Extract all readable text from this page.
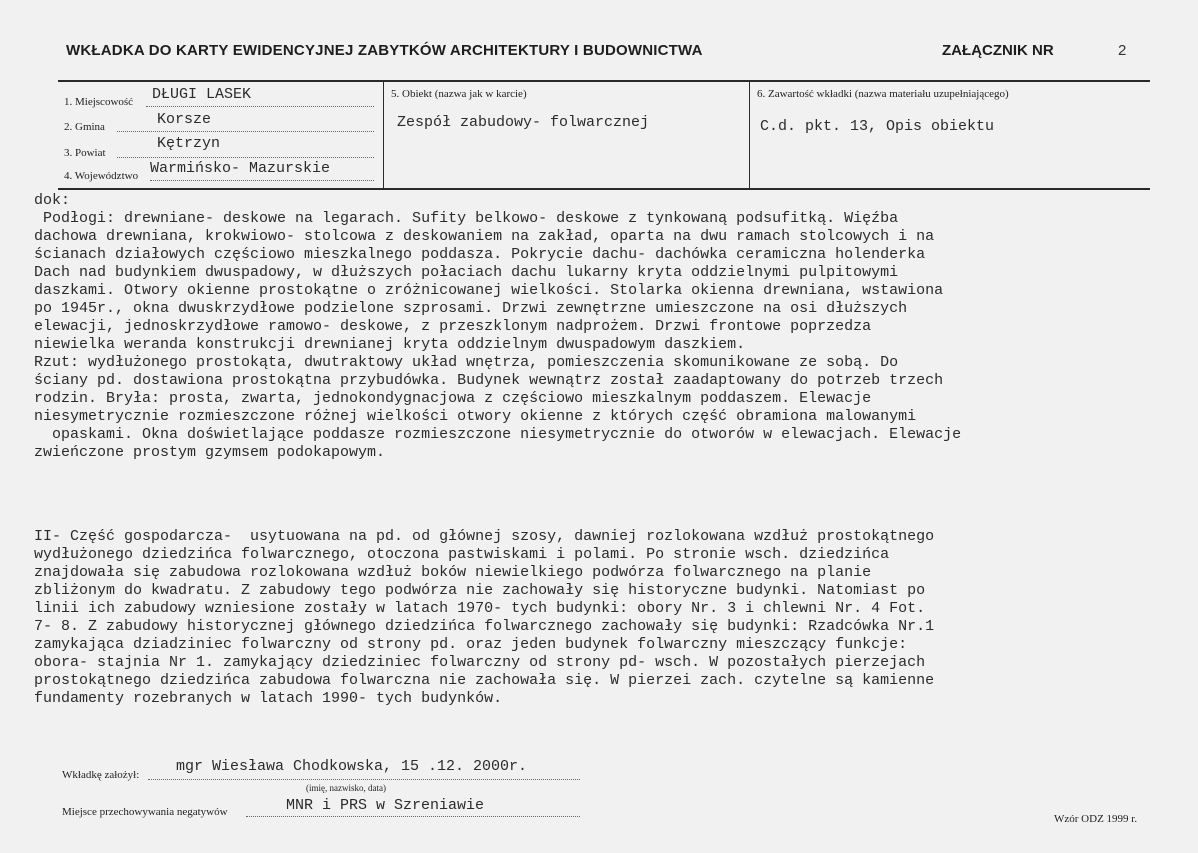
WKŁADKA DO KARTY EWIDENCYJNEJ ZABYTKÓW ARCHITEKTURY I BUDOWNICTWA	ZAŁĄCZNIK NR	2
1. Miejscowość DŁUGI LASEK
2. Gmina	Korsze
3. Powiat
Kętrzyn
4. Województwo Warmińsko- Mazurskie
5. Obiekt (nazwa jak w karcie)
Zespół zabudowy- folwarcznej
6. Zawartość wkładki (nazwa materiału uzupełniającego)
C.d. pkt. 13, Opis obiektu
dok:
Podłogi: drewniane- deskowe na legarach. Sufity belkowo- deskowe z tynkowaną podsufitką. Więźba
dachowa drewniana, krokwiowo- stolcowa z deskowaniem na zakład, oparta na dwu ramach stolcowych i na
ścianach działowych częściowo mieszkalnego poddasza. Pokrycie dachu- dachówka ceramiczna holenderka
Dach nad budynkiem dwuspadowy, w dłuższych połaciach dachu lukarny kryta oddzielnymi pulpitowymi
daszkami. Otwory okienne prostokątne o zróżnicowanej wielkości. Stolarka okienna drewniana, wstawiona
po 1945r., okna dwuskrzydłowe podzielone szprosami. Drzwi zewnętrzne umieszczone na osi dłuższych
elewacji, jednoskrzydłowe ramowo- deskowe, z przeszklonym nadprożem. Drzwi frontowe poprzedza
niewielka weranda konstrukcji drewnianej kryta oddzielnym dwuspadowym daszkiem.
Rzut: wydłużonego prostokąta, dwutraktowy układ wnętrza, pomieszczenia skomunikowane ze sobą. Do
ściany pd. dostawiona prostokątna przybudówka. Budynek wewnątrz został zaadaptowany do potrzeb trzech
rodzin. Bryła: prosta, zwarta, jednokondygnacjowa z częściowo mieszkalnym poddaszem. Elewacje
niesymetrycznie rozmieszczone różnej wielkości otwory okienne z których część obramiona malowanymi
opaskami. Okna doświetlające poddasze rozmieszczone niesymetrycznie do otworów w elewacjach. Elewacje
zwieńczone prostym gzymsem podokapowym.
II- Część gospodarcza-  usytuowana na pd. od głównej szosy, dawniej rozlokowana wzdłuż prostokątnego
wydłużonego dziedzińca folwarcznego, otoczona pastwiskami i polami. Po stronie wsch. dziedzińca
znajdowała się zabudowa rozlokowana wzdłuż boków niewielkiego podwórza folwarcznego na planie
zbliżonym do kwadratu. Z zabudowy tego podwórza nie zachowały się historyczne budynki. Natomiast po
linii ich zabudowy wzniesione zostały w latach 1970- tych budynki: obory Nr. 3 i chlewni Nr. 4 Fot.
7- 8. Z zabudowy historycznej głównego dziedzińca folwarcznego zachowały się budynki: Rzadcówka Nr.1
zamykająca dziadziniec folwarczny od strony pd. oraz jeden budynek folwarczny mieszczący funkcje:
obora- stajnia Nr 1. zamykający dziedziniec folwarczny od strony pd- wsch. W pozostałych pierzejach
prostokątnego dziedzińca zabudowa folwarczna nie zachowała się. W pierzei zach. czytelne są kamienne
fundamenty rozebranych w latach 1990- tych budynków.
Wkładkę założył: mgr Wiesława Chodkowska, 15 .12. 2000r.
(imię, nazwisko, data)
Miejsce przechowywania negatywów	MNR i PRS w Szreniawie
Wzór ODZ 1999 r.
